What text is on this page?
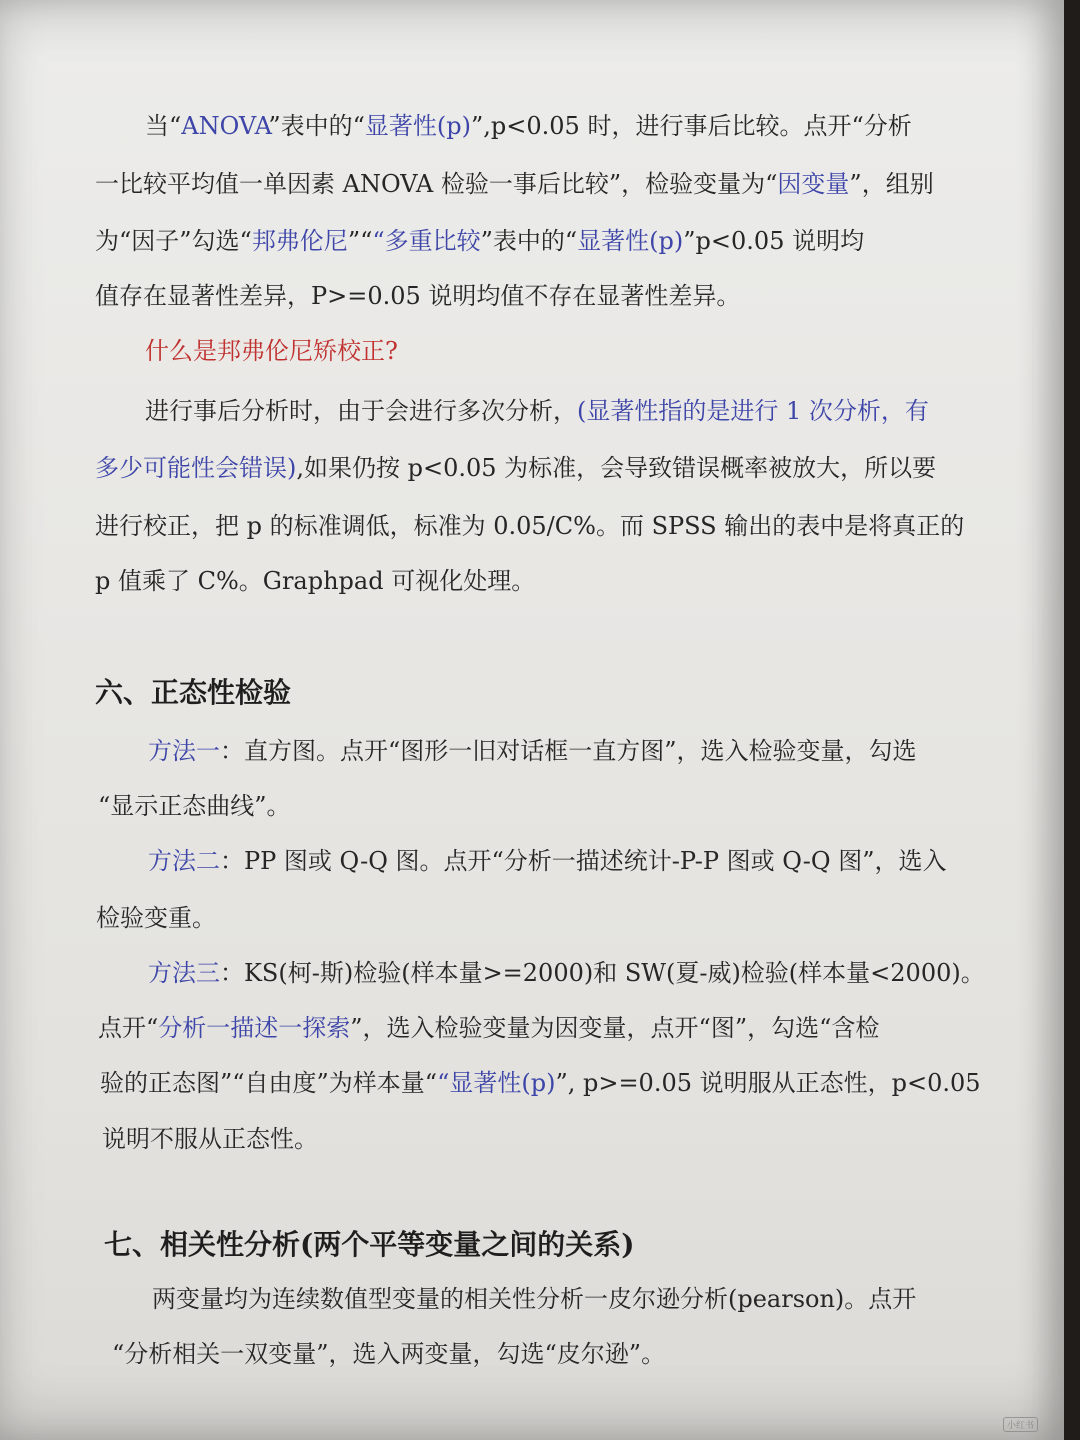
当“ANOVA”表中的“显著性(p)”,p<0.05 时，进行事后比较。点开“分析
一比较平均值一单因素 ANOVA 检验一事后比较”，检验变量为“因变量”，组别
为“因子”勾选“邦弗伦尼”““多重比较”表中的“显著性(p)”p<0.05 说明均
值存在显著性差异，P>=0.05 说明均值不存在显著性差异。
什么是邦弗伦尼矫校正?
进行事后分析时，由于会进行多次分析，(显著性指的是进行 1 次分析，有
多少可能性会错误),如果仍按 p<0.05 为标准，会导致错误概率被放大，所以要
进行校正，把 p 的标准调低，标准为 0.05/C%。而 SPSS 输出的表中是将真正的
p 值乘了 C%。Graphpad 可视化处理。
六、正态性检验
方法一：直方图。点开“图形一旧对话框一直方图”，选入检验变量，勾选
“显示正态曲线”。
方法二：PP 图或 Q-Q 图。点开“分析一描述统计-P-P 图或 Q-Q 图”，选入
检验变重。
方法三：KS(柯-斯)检验(样本量>=2000)和 SW(夏-威)检验(样本量<2000)。
点开“分析一描述一探索”，选入检验变量为因变量，点开“图”，勾选“含检
验的正态图”“自由度”为样本量““显著性(p)”, p>=0.05 说明服从正态性，p<0.05
说明不服从正态性。
七、相关性分析(两个平等变量之间的关系)
两变量均为连续数值型变量的相关性分析一皮尔逊分析(pearson)。点开
“分析相关一双变量”，选入两变量，勾选“皮尔逊”。
小红书
